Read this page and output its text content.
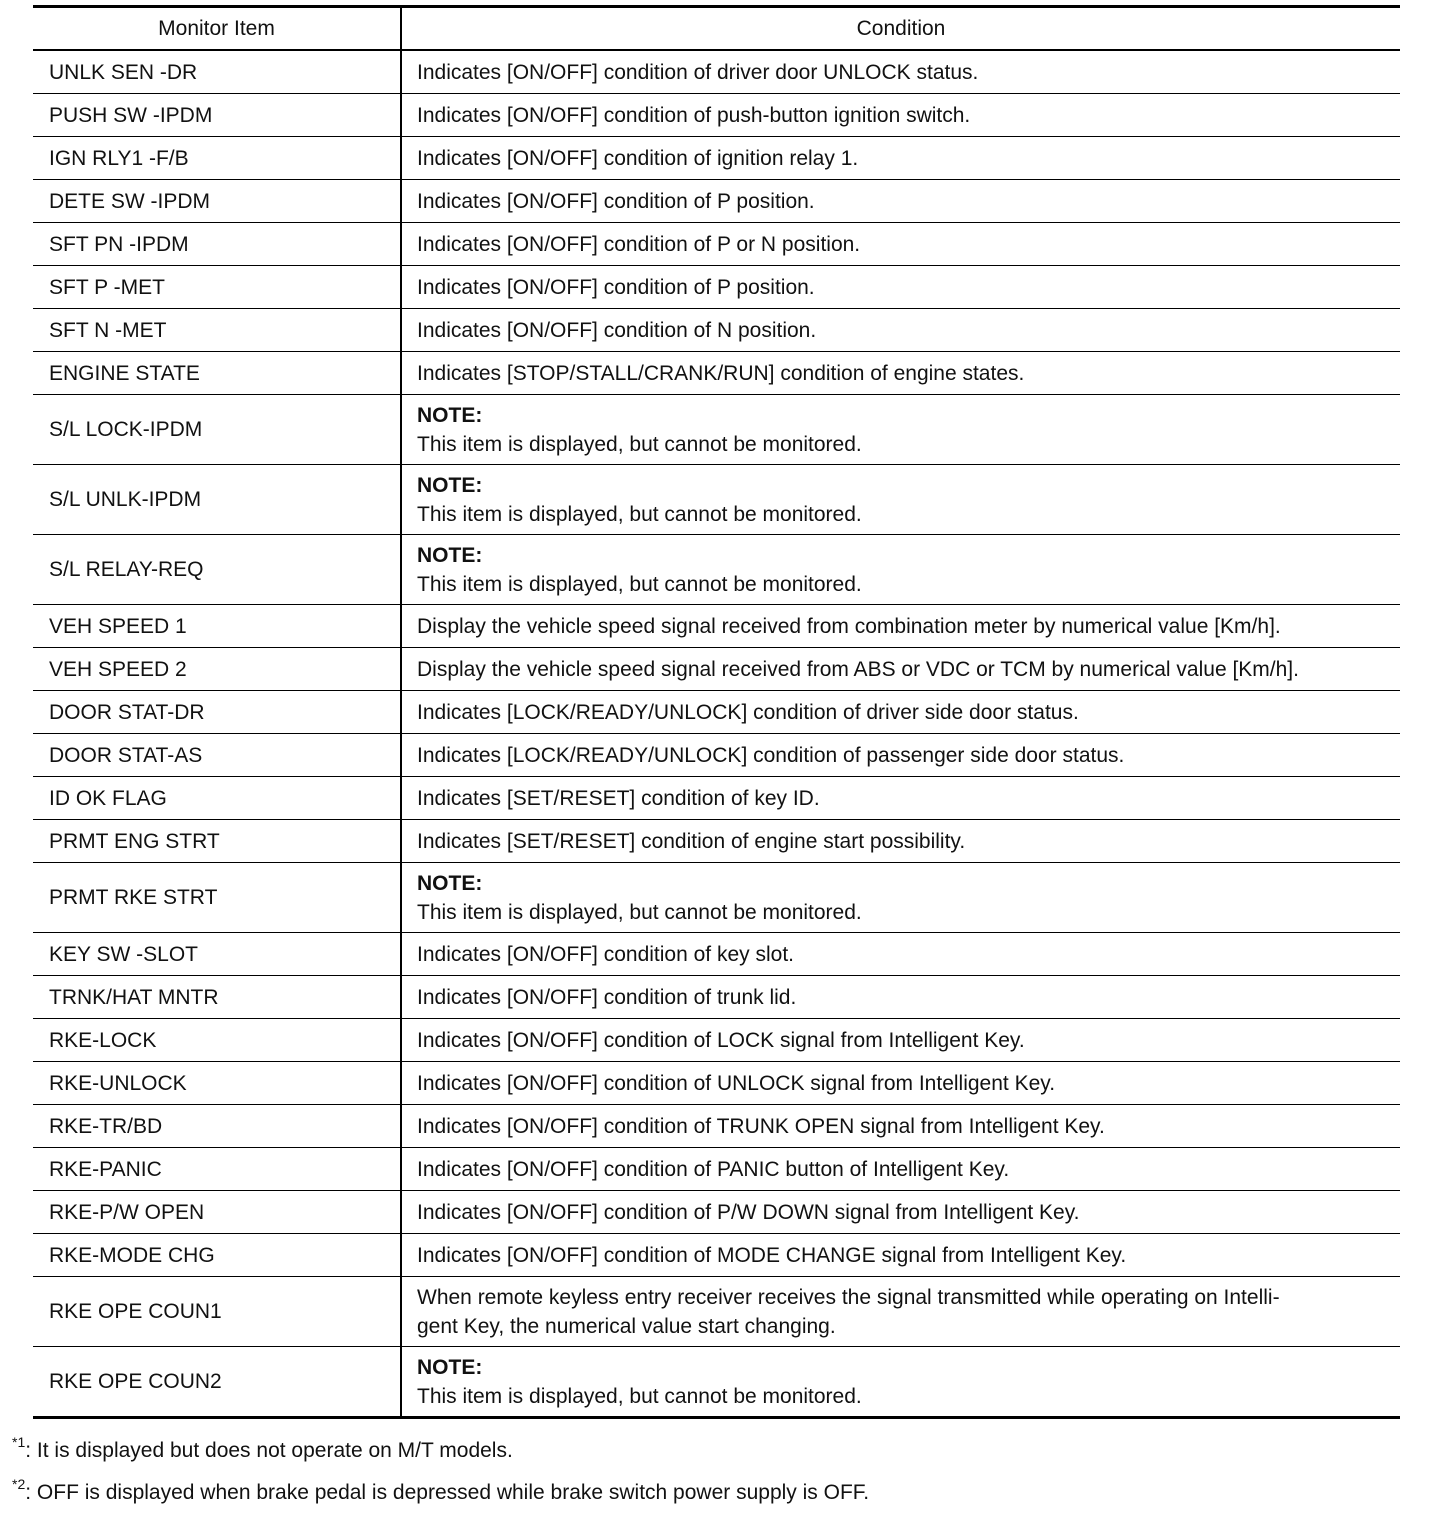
Monitor Item	Condition
UNLK SEN -DR	Indicates [ON/OFF] condition of driver door UNLOCK status.
PUSH SW -IPDM	Indicates [ON/OFF] condition of push-button ignition switch.
IGN RLY1 -F/B	Indicates [ON/OFF] condition of ignition relay 1.
DETE SW -IPDM	Indicates [ON/OFF] condition of P position.
SFT PN -IPDM	Indicates [ON/OFF] condition of P or N position.
SFT P -MET	Indicates [ON/OFF] condition of P position.
SFT N -MET	Indicates [ON/OFF] condition of N position.
ENGINE STATE	Indicates [STOP/STALL/CRANK/RUN] condition of engine states.
S/L LOCK-IPDM	NOTE:
This item is displayed, but cannot be monitored.

S/L UNLK-IPDM	NOTE:
This item is displayed, but cannot be monitored.

S/L RELAY-REQ	NOTE:
This item is displayed, but cannot be monitored.

VEH SPEED 1	Display the vehicle speed signal received from combination meter by numerical value [Km/h].
VEH SPEED 2	Display the vehicle speed signal received from ABS or VDC or TCM by numerical value [Km/h].
DOOR STAT-DR	Indicates [LOCK/READY/UNLOCK] condition of driver side door status.
DOOR STAT-AS	Indicates [LOCK/READY/UNLOCK] condition of passenger side door status.
ID OK FLAG	Indicates [SET/RESET] condition of key ID.
PRMT ENG STRT	Indicates [SET/RESET] condition of engine start possibility.
PRMT RKE STRT	NOTE:
This item is displayed, but cannot be monitored.

KEY SW -SLOT	Indicates [ON/OFF] condition of key slot.
TRNK/HAT MNTR	Indicates [ON/OFF] condition of trunk lid.
RKE-LOCK	Indicates [ON/OFF] condition of LOCK signal from Intelligent Key.
RKE-UNLOCK	Indicates [ON/OFF] condition of UNLOCK signal from Intelligent Key.
RKE-TR/BD	Indicates [ON/OFF] condition of TRUNK OPEN signal from Intelligent Key.
RKE-PANIC	Indicates [ON/OFF] condition of PANIC button of Intelligent Key.
RKE-P/W OPEN	Indicates [ON/OFF] condition of P/W DOWN signal from Intelligent Key.
RKE-MODE CHG	Indicates [ON/OFF] condition of MODE CHANGE signal from Intelligent Key.
RKE OPE COUN1	When remote keyless entry receiver receives the signal transmitted while operating on Intelli-
gent Key, the numerical value start changing.
RKE OPE COUN2	NOTE:
This item is displayed, but cannot be monitored.
$^{*1}$: It is displayed but does not operate on M/T models.
$^{*2}$: OFF is displayed when brake pedal is depressed while brake switch power supply is OFF.
